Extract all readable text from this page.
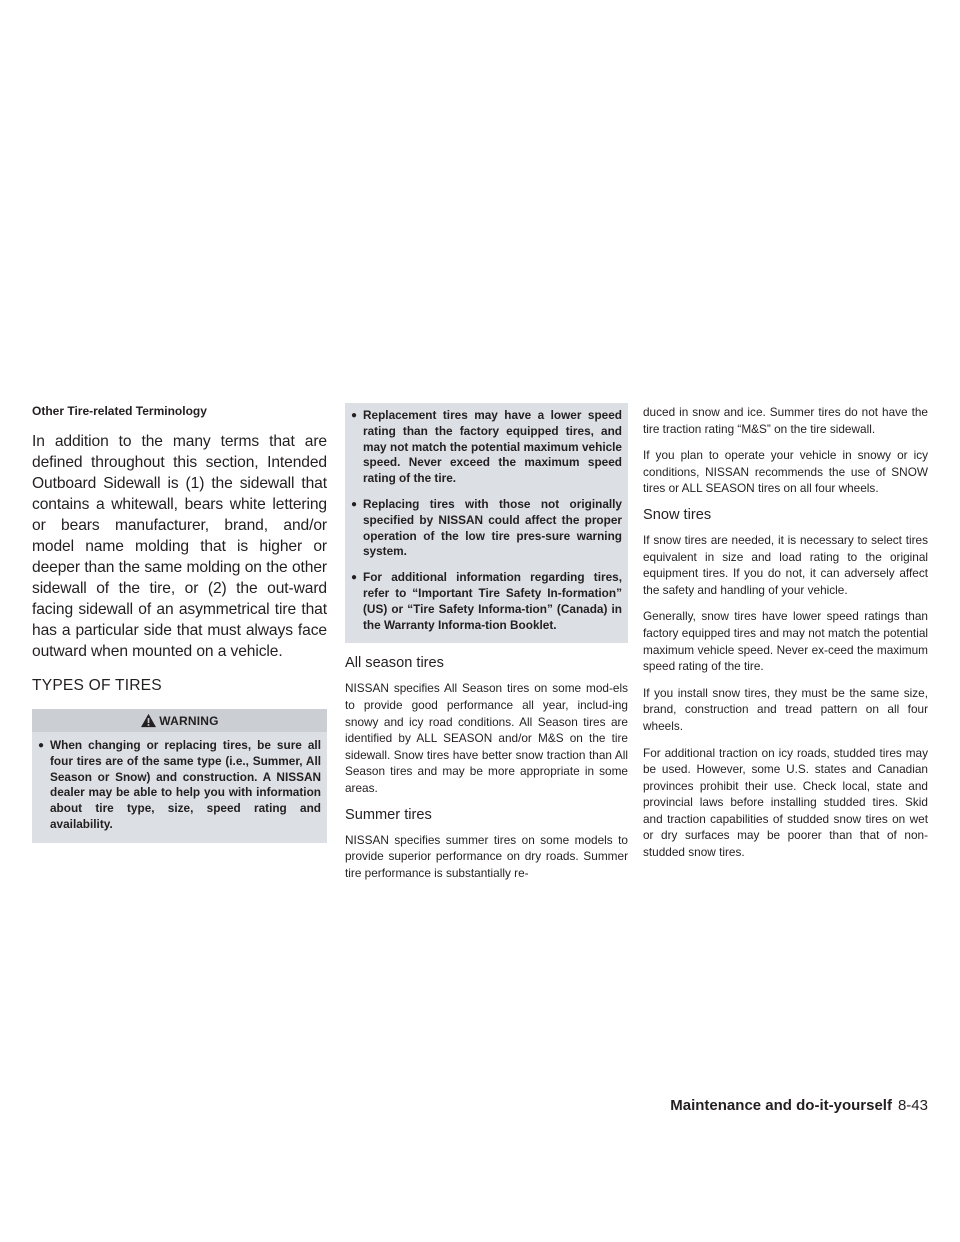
Other Tire-related Terminology

In addition to the many terms that are defined throughout this section, Intended Outboard Sidewall is (1) the sidewall that contains a whitewall, bears white lettering or bears manufacturer, brand, and/or model name molding that is higher or deeper than the same molding on the other sidewall of the tire, or (2) the out-ward facing sidewall of an asymmetrical tire that has a particular side that must always face outward when mounted on a vehicle.

TYPES OF TIRES

WARNING
● When changing or replacing tires, be sure all four tires are of the same type (i.e., Summer, All Season or Snow) and construction. A NISSAN dealer may be able to help you with information about tire type, size, speed rating and availability.
● Replacement tires may have a lower speed rating than the factory equipped tires, and may not match the potential maximum vehicle speed. Never exceed the maximum speed rating of the tire.
● Replacing tires with those not originally specified by NISSAN could affect the proper operation of the low tire pres-sure warning system.
● For additional information regarding tires, refer to “Important Tire Safety In-formation” (US) or “Tire Safety Informa-tion” (Canada) in the Warranty Informa-tion Booklet.

All season tires

NISSAN specifies All Season tires on some mod-els to provide good performance all year, includ-ing snowy and icy road conditions. All Season tires are identified by ALL SEASON and/or M&S on the tire sidewall. Snow tires have better snow traction than All Season tires and may be more appropriate in some areas.

Summer tires

NISSAN specifies summer tires on some models to provide superior performance on dry roads. Summer tire performance is substantially re-

duced in snow and ice. Summer tires do not have the tire traction rating “M&S” on the tire sidewall.

If you plan to operate your vehicle in snowy or icy conditions, NISSAN recommends the use of SNOW tires or ALL SEASON tires on all four wheels.

Snow tires

If snow tires are needed, it is necessary to select tires equivalent in size and load rating to the original equipment tires. If you do not, it can adversely affect the safety and handling of your vehicle.

Generally, snow tires have lower speed ratings than factory equipped tires and may not match the potential maximum vehicle speed. Never ex-ceed the maximum speed rating of the tire.

If you install snow tires, they must be the same size, brand, construction and tread pattern on all four wheels.

For additional traction on icy roads, studded tires may be used. However, some U.S. states and Canadian provinces prohibit their use. Check local, state and provincial laws before installing studded tires. Skid and traction capabilities of studded snow tires on wet or dry surfaces may be poorer than that of non-studded snow tires.

Maintenance and do-it-yourself 8-43
